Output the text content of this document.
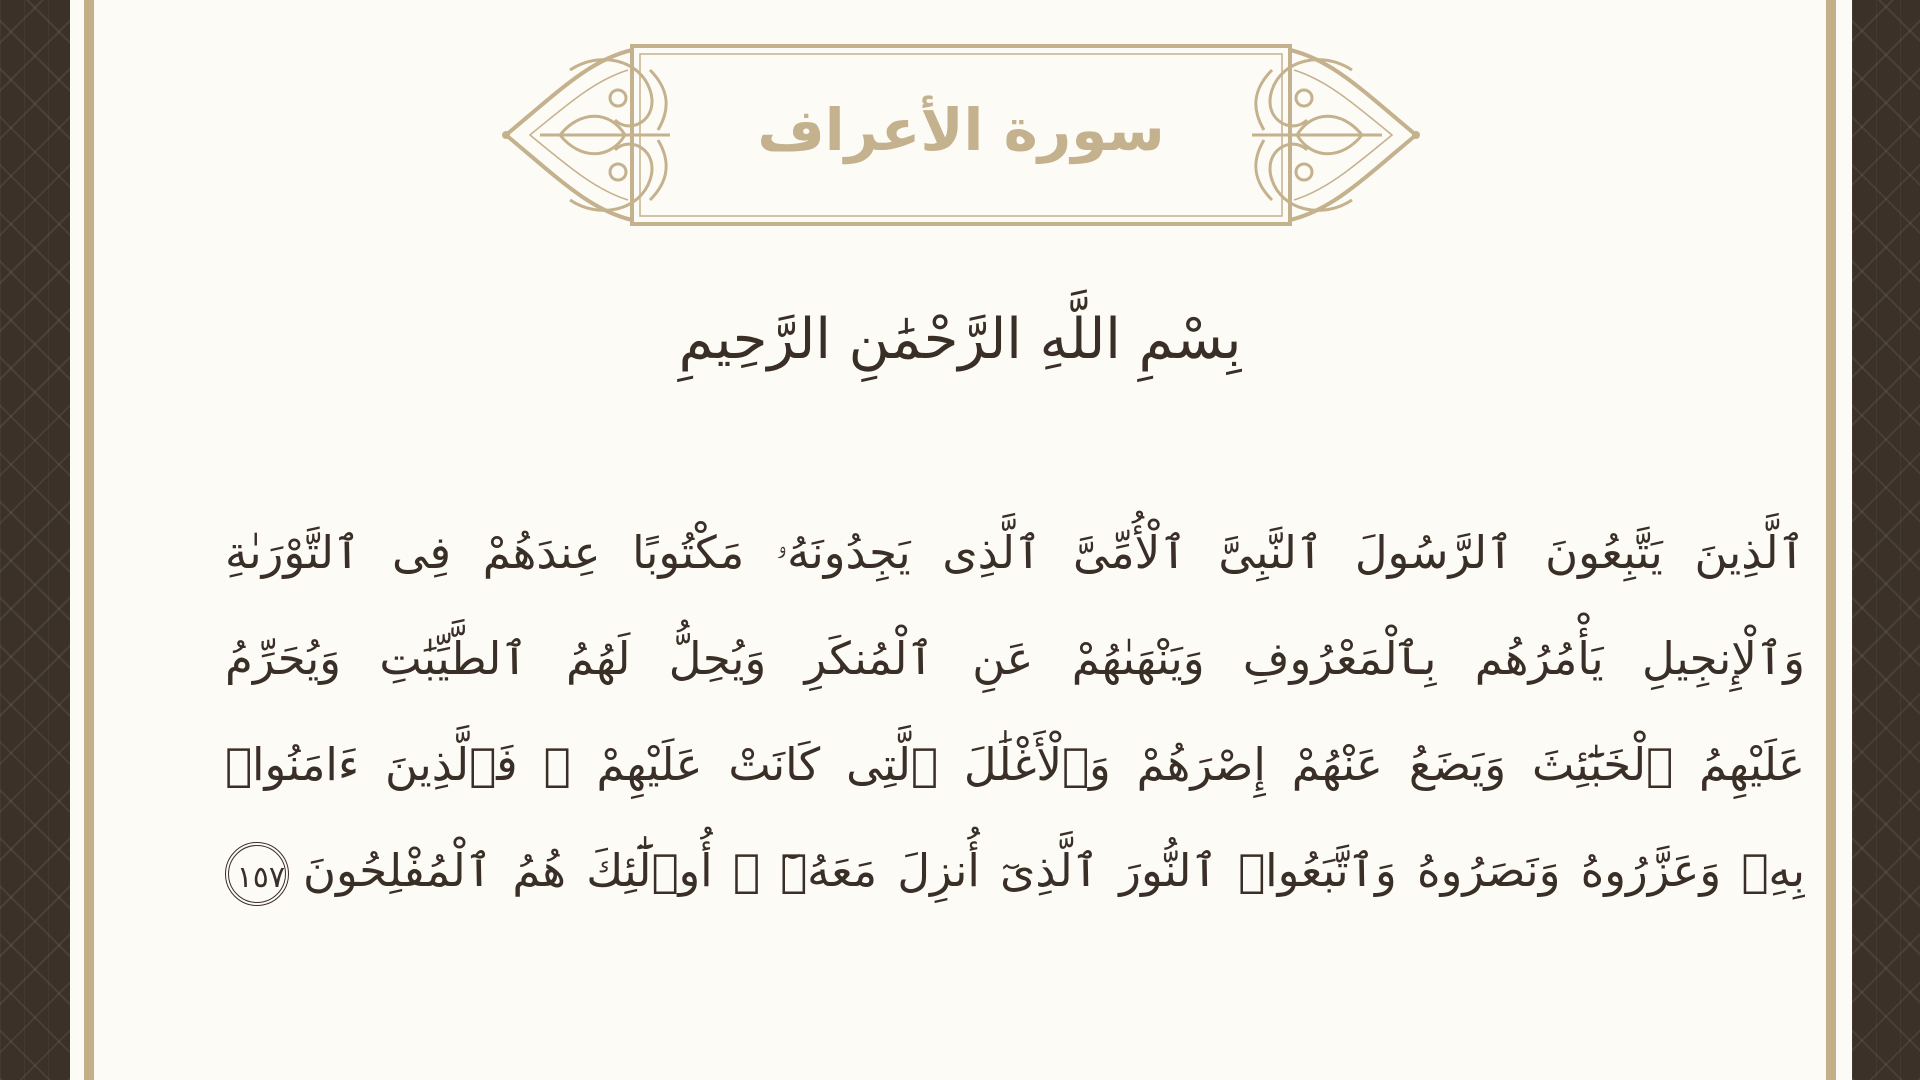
سورة الأعراف
بِسْمِ اللَّهِ الرَّحْمَٰنِ الرَّحِيمِ
ٱلَّذِينَ يَتَّبِعُونَ ٱلرَّسُولَ ٱلنَّبِىَّ ٱلْأُمِّىَّ ٱلَّذِى يَجِدُونَهُۥ مَكْتُوبًا عِندَهُمْ فِى ٱلتَّوْرَىٰةِ
وَٱلْإِنجِيلِ يَأْمُرُهُم بِٱلْمَعْرُوفِ وَيَنْهَىٰهُمْ عَنِ ٱلْمُنكَرِ وَيُحِلُّ لَهُمُ ٱلطَّيِّبَٰتِ وَيُحَرِّمُ
عَلَيْهِمُ ٱلْخَبَٰٓئِثَ وَيَضَعُ عَنْهُمْ إِصْرَهُمْ وَٱلْأَغْلَٰلَ ٱلَّتِى كَانَتْ عَلَيْهِمْ ۚ فَٱلَّذِينَ ءَامَنُوا۟
بِهِۦ وَعَزَّرُوهُ وَنَصَرُوهُ وَٱتَّبَعُوا۟ ٱلنُّورَ ٱلَّذِىٓ أُنزِلَ مَعَهُۥٓ ۙ أُو۟لَٰٓئِكَ هُمُ ٱلْمُفْلِحُونَ١٥٧
